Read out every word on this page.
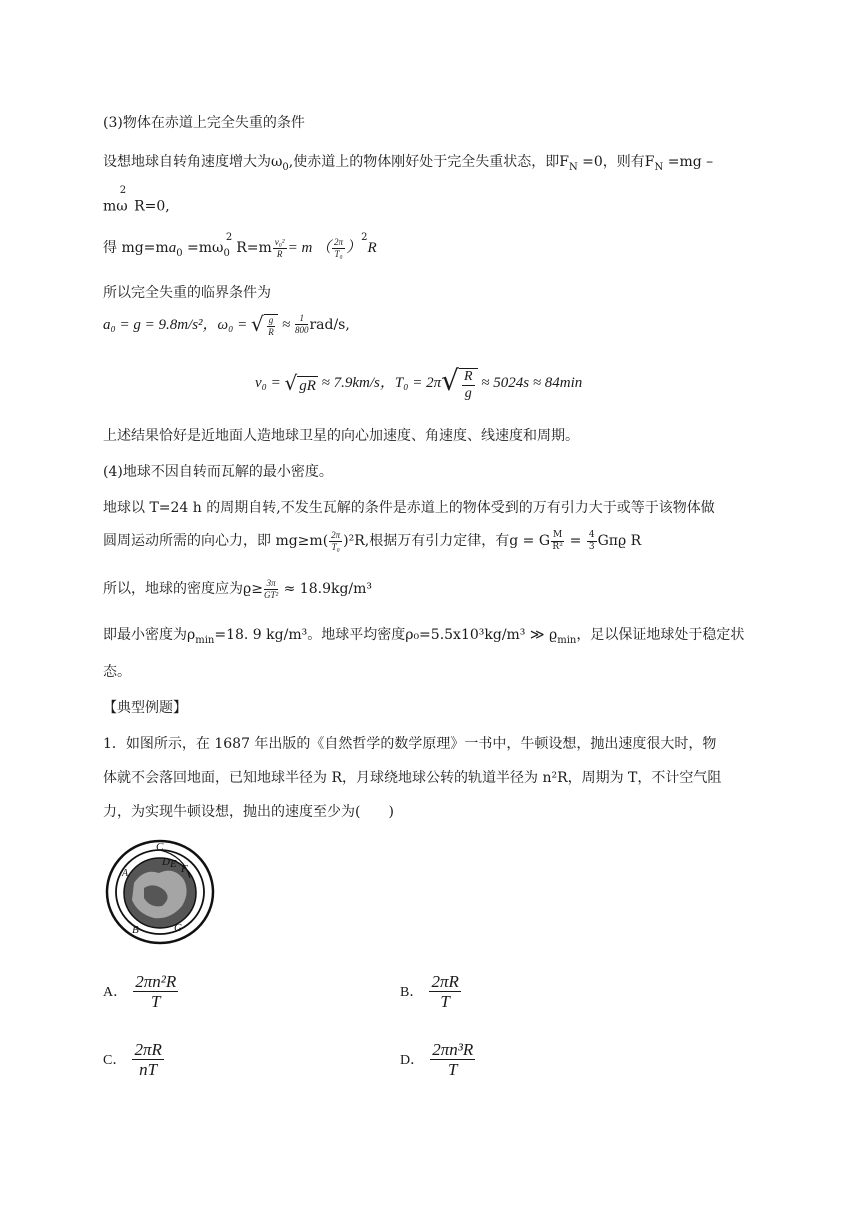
(3)物体在赤道上完全失重的条件
设想地球自转角速度增大为$\omega_0$,使赤道上的物体刚好处于完全失重状态，即$F_N =0$，则有$F_N =mg$ –
$m\omega^2R=0$,
得 $mg=ma_0 =m\omega_0^2R=m \frac{\text{v₀²}}{R} = m$ （ $\frac{2\pi}{\text{T₀}} )^2R$
所以完全失重的临界条件为
a₀ = g = 9.8m/s²，ω₀ = √ $\frac{g}{R} \approx \frac{1}{800} rad/s$,
v₀ = √ gR ≈ 7.9km/s，$T_0 = 2\pi√ \frac{R}{g} \approx 5024s \approx 84\min$
上述结果恰好是近地面人造地球卫星的向心加速度、角速度、线速度和周期。
(4)地球不因自转而瓦解的最小密度。
地球以 T=24 h 的周期自转,不发生瓦解的条件是赤道上的物体受到的万有引力大于或等于该物体做
圆周运动所需的向心力，即 $mg\ge m( \frac{2\pi}{\text{T₀}} )^2R$,根据万有引力定律，有g = G $\frac{M}{\text{R²}} = \frac{4}{3}$ Gπϱ R
所以，地球的密度应为$ϱ\ge \frac{3\pi}{\text{GT²}} \approx 18.9kg/m^3$
即最小密度为$\rho_{min}=18$. 9 kg/m³。地球平均密度ρ₀=5.5x10³kg/m³ ≫ $ϱ_{min}$，足以保证地球处于稳定状
态。
【典型例题】
1．如图所示，在 1687 年出版的《自然哲学的数学原理》一书中，牛顿设想，抛出速度很大时，物
体就不会落回地面，已知地球半径为 R，月球绕地球公转的轨道半径为 n²R，周期为 T，不计空气阻
力，为实现牛顿设想，抛出的速度至少为(　　)
C
D E F
A
B	G
A． $\frac{\text{2πn²R}}{T}$	B． $\frac{2\pi R}{T}$
C． $\frac{2\pi R}{nT}$	D． $\frac{\text{2πn³R}}{T}$
